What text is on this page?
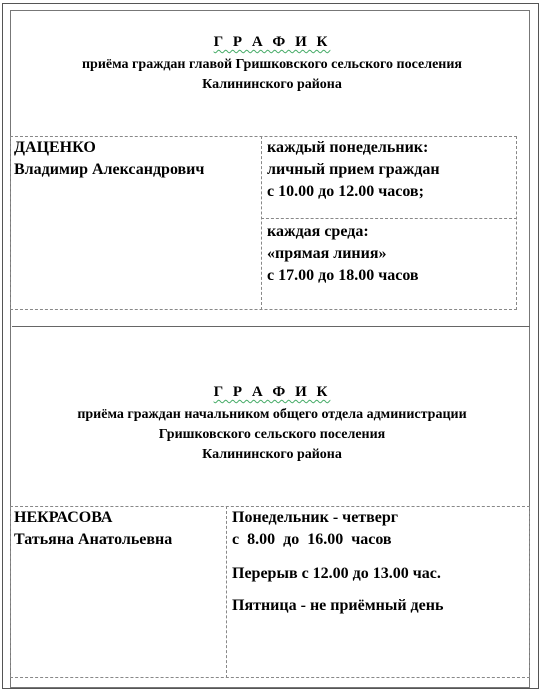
Г Р А Ф И К
приёма граждан главой Гришковского сельского поселения
Калининского района
ДАЦЕНКО
Владимир Александрович
каждый понедельник:
личный прием граждан
с 10.00 до 12.00 часов;
каждая среда:
«прямая линия»
с 17.00 до 18.00 часов
Г Р А Ф И К
приёма граждан начальником общего отдела администрации
Гришковского сельского поселения
Калининского района
НЕКРАСОВА
Татьяна Анатольевна
Понедельник - четверг
с  8.00  до  16.00  часов
Перерыв с 12.00 до 13.00 час.
Пятница - не приёмный день
